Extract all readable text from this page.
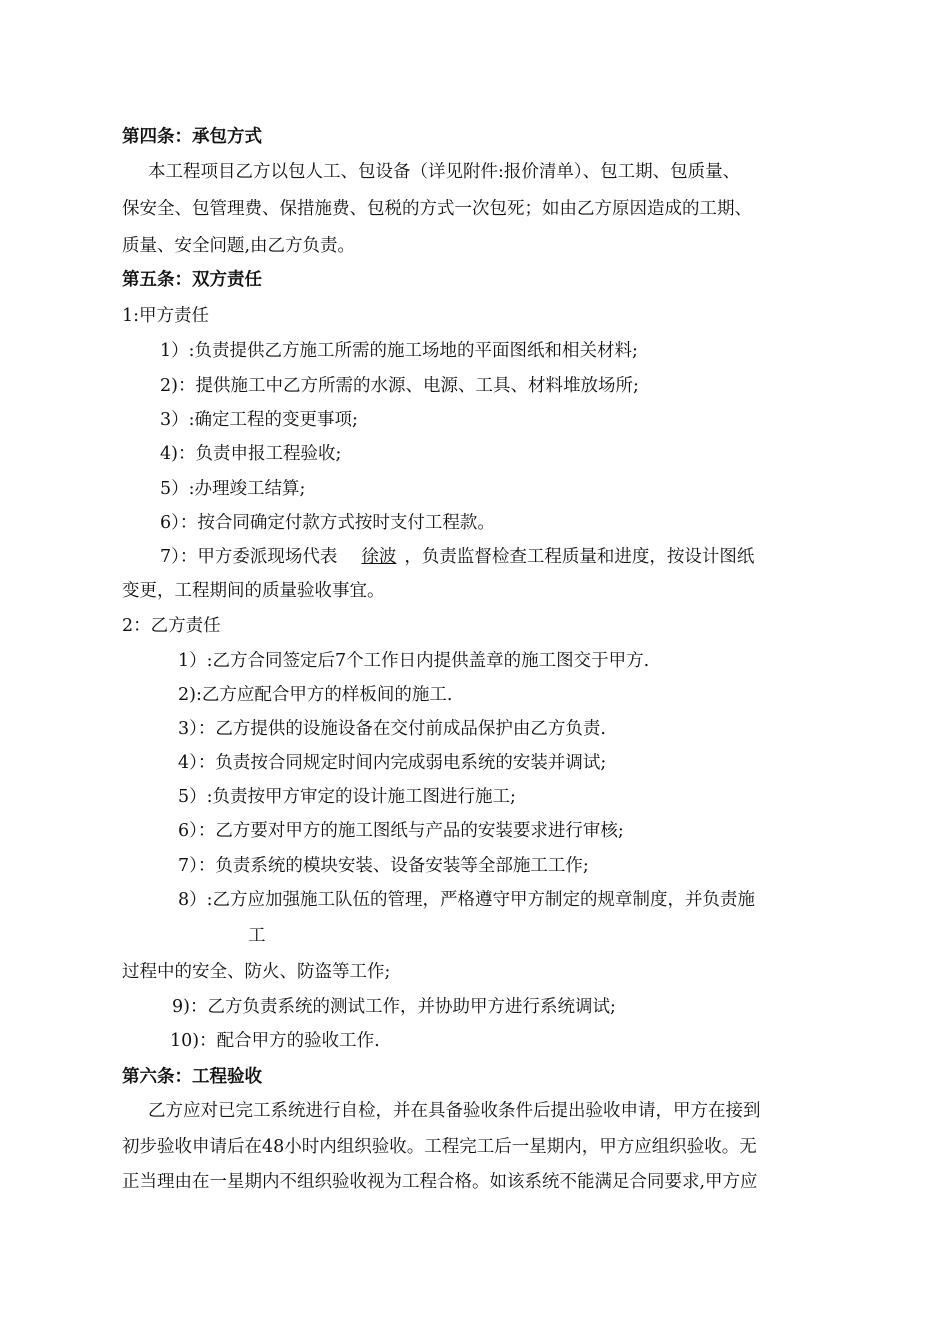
第四条：承包方式
本工程项目乙方以包人工、包设备（详见附件:报价清单）、包工期、包质量、
保安全、包管理费、保措施费、包税的方式一次包死；如由乙方原因造成的工期、
质量、安全问题,由乙方负责。
第五条：双方责任
1:甲方责任
1）:负责提供乙方施工所需的施工场地的平面图纸和相关材料;
2)：提供施工中乙方所需的水源、电源、工具、材料堆放场所;
3）:确定工程的变更事项;
4)：负责申报工程验收;
5）:办理竣工结算;
6）：按合同确定付款方式按时支付工程款。
7）：甲方委派现场代表 徐波 ，负责监督检查工程质量和进度，按设计图纸
变更，工程期间的质量验收事宜。
2：乙方责任
1）:乙方合同签定后7个工作日内提供盖章的施工图交于甲方.
2):乙方应配合甲方的样板间的施工.
3）：乙方提供的设施设备在交付前成品保护由乙方负责.
4）：负责按合同规定时间内完成弱电系统的安装并调试;
5）:负责按甲方审定的设计施工图进行施工;
6）：乙方要对甲方的施工图纸与产品的安装要求进行审核;
7）：负责系统的模块安装、设备安装等全部施工工作;
8）:乙方应加强施工队伍的管理，严格遵守甲方制定的规章制度，并负责施
工
过程中的安全、防火、防盗等工作;
9)：乙方负责系统的测试工作，并协助甲方进行系统调试;
10)：配合甲方的验收工作.
第六条：工程验收
乙方应对已完工系统进行自检，并在具备验收条件后提出验收申请，甲方在接到
初步验收申请后在48小时内组织验收。工程完工后一星期内，甲方应组织验收。无
正当理由在一星期内不组织验收视为工程合格。如该系统不能满足合同要求,甲方应
